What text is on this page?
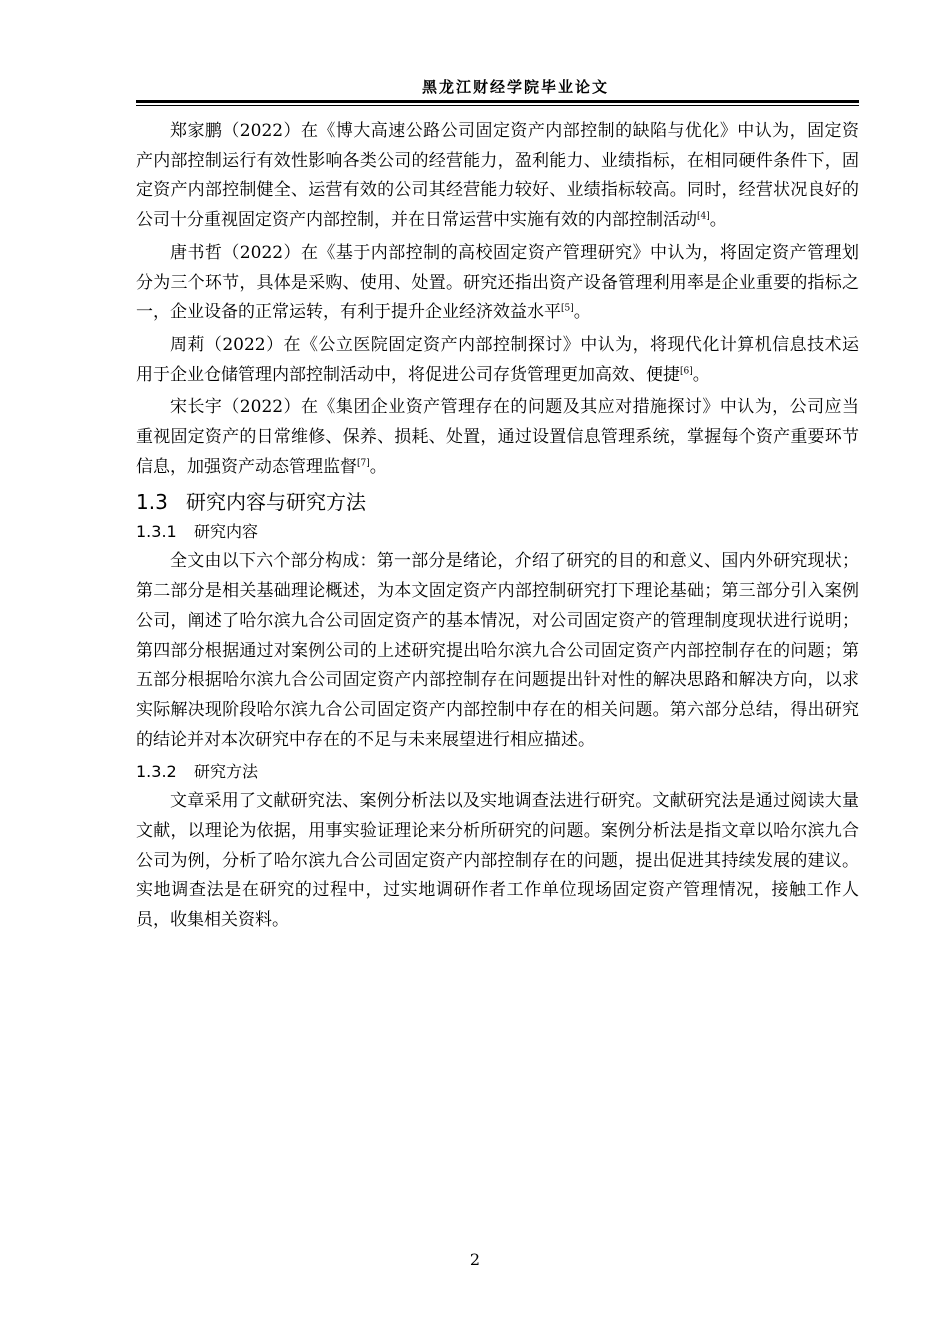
黑龙江财经学院毕业论文

郑家鹏（2022）在《博大高速公路公司固定资产内部控制的缺陷与优化》中认为，固定资产内部控制运行有效性影响各类公司的经营能力，盈利能力、业绩指标，在相同硬件条件下，固定资产内部控制健全、运营有效的公司其经营能力较好、业绩指标较高。同时，经营状况良好的公司十分重视固定资产内部控制，并在日常运营中实施有效的内部控制活动[4]。

唐书哲（2022）在《基于内部控制的高校固定资产管理研究》中认为，将固定资产管理划分为三个环节，具体是采购、使用、处置。研究还指出资产设备管理利用率是企业重要的指标之一，企业设备的正常运转，有利于提升企业经济效益水平[5]。

周莉（2022）在《公立医院固定资产内部控制探讨》中认为，将现代化计算机信息技术运用于企业仓储管理内部控制活动中，将促进公司存货管理更加高效、便捷[6]。

宋长宇（2022）在《集团企业资产管理存在的问题及其应对措施探讨》中认为，公司应当重视固定资产的日常维修、保养、损耗、处置，通过设置信息管理系统，掌握每个资产重要环节信息，加强资产动态管理监督[7]。

1.3 研究内容与研究方法
1.3.1 研究内容

全文由以下六个部分构成：第一部分是绪论，介绍了研究的目的和意义、国内外研究现状；第二部分是相关基础理论概述，为本文固定资产内部控制研究打下理论基础；第三部分引入案例公司，阐述了哈尔滨九合公司固定资产的基本情况，对公司固定资产的管理制度现状进行说明；第四部分根据通过对案例公司的上述研究提出哈尔滨九合公司固定资产内部控制存在的问题；第五部分根据哈尔滨九合公司固定资产内部控制存在问题提出针对性的解决思路和解决方向，以求实际解决现阶段哈尔滨九合公司固定资产内部控制中存在的相关问题。第六部分总结，得出研究的结论并对本次研究中存在的不足与未来展望进行相应描述。

1.3.2 研究方法

文章采用了文献研究法、案例分析法以及实地调查法进行研究。文献研究法是通过阅读大量文献，以理论为依据，用事实验证理论来分析所研究的问题。案例分析法是指文章以哈尔滨九合公司为例，分析了哈尔滨九合公司固定资产内部控制存在的问题，提出促进其持续发展的建议。实地调查法是在研究的过程中，过实地调研作者工作单位现场固定资产管理情况，接触工作人员，收集相关资料。

2
